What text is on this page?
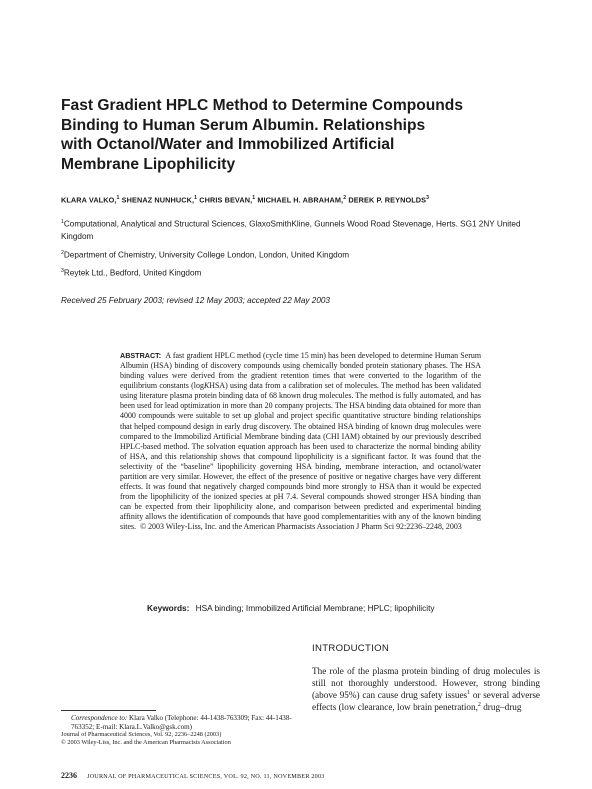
Fast Gradient HPLC Method to Determine Compounds
Binding to Human Serum Albumin. Relationships
with Octanol/Water and Immobilized Artificial
Membrane Lipophilicity
KLARA VALKO,$^1$ SHENAZ NUNHUCK,$^1$ CHRIS BEVAN,$^1$ MICHAEL H. ABRAHAM,$^2$ DEREK P. REYNOLDS$^3$
$^1$Computational, Analytical and Structural Sciences, GlaxoSmithKline, Gunnels Wood Road Stevenage, Herts. SG1 2NY United Kingdom
$^2$Department of Chemistry, University College London, London, United Kingdom
$^3$Reytek Ltd., Bedford, United Kingdom
Received 25 February 2003; revised 12 May 2003; accepted 22 May 2003
ABSTRACT: A fast gradient HPLC method (cycle time 15 min) has been developed to determine Human Serum Albumin (HSA) binding of discovery compounds using chemically bonded protein stationary phases. The HSA binding values were derived from the gradient retention times that were converted to the logarithm of the equilibrium constants (logKHSA) using data from a calibration set of molecules. The method has been validated using literature plasma protein binding data of 68 known drug molecules. The method is fully automated, and has been used for lead optimization in more than 20 company projects. The HSA binding data obtained for more than 4000 compounds were suitable to set up global and project specific quantitative structure binding relationships that helped compound design in early drug discovery. The obtained HSA binding of known drug molecules were compared to the Immobilizd Artificial Membrane binding data (CHI IAM) obtained by our previously described HPLC-based method. The solvation equation approach has been used to characterize the normal binding ability of HSA, and this relationship shows that compound lipophilicity is a significant factor. It was found that the selectivity of the “baseline” lipophilicity governing HSA binding, membrane interaction, and octanol/water partition are very similar. However, the effect of the presence of positive or negative charges have very different effects. It was found that negatively charged compounds bind more strongly to HSA than it would be expected from the lipophilicity of the ionized species at pH 7.4. Several compounds showed stronger HSA binding than can be expected from their lipophilicity alone, and comparison between predicted and experimental binding affinity allows the identification of compounds that have good complementarities with any of the known binding sites. © 2003 Wiley-Liss, Inc. and the American Pharmacists Association J Pharm Sci 92:2236–2248, 2003
Keywords: HSA binding; Immobilized Artificial Membrane; HPLC; lipophilicity
INTRODUCTION
The role of the plasma protein binding of drug molecules is still not thoroughly understood. However, strong binding (above 95%) can cause drug safety issues$^1$ or several adverse effects (low clearance, low brain penetration,$^2$ drug–drug
Correspondence to: Klara Valko (Telephone: 44-1438-763309; Fax: 44-1438-763352; E-mail: Klara.L.Valko@gsk.com)
Journal of Pharmaceutical Sciences, Vol. 92, 2236–2248 (2003)
© 2003 Wiley-Liss, Inc. and the American Pharmacists Association
2236 JOURNAL OF PHARMACEUTICAL SCIENCES, VOL. 92, NO. 11, NOVEMBER 2003
